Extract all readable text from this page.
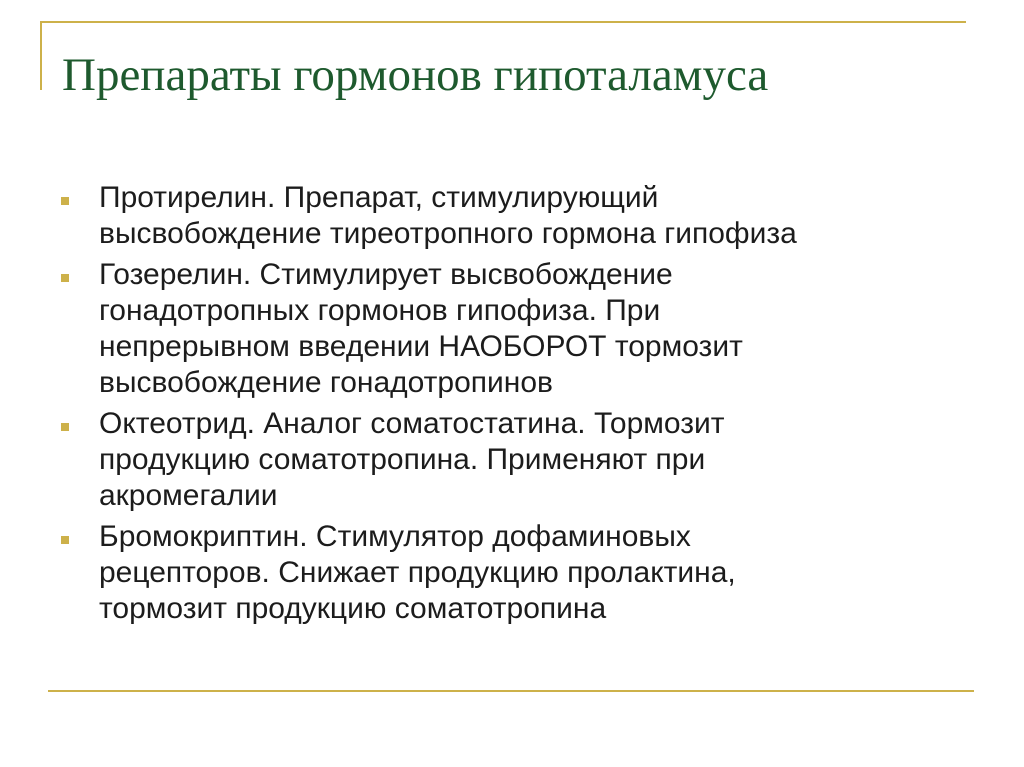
Препараты гормонов гипоталамуса
Протирелин. Препарат, стимулирующий
высвобождение тиреотропного гормона гипофиза
Гозерелин. Стимулирует высвобождение
гонадотропных гормонов гипофиза. При
непрерывном введении НАОБОРОТ тормозит
высвобождение гонадотропинов
Октеотрид. Аналог соматостатина. Тормозит
продукцию соматотропина. Применяют при
акромегалии
Бромокриптин. Стимулятор дофаминовых
рецепторов. Снижает продукцию пролактина,
тормозит продукцию соматотропина
